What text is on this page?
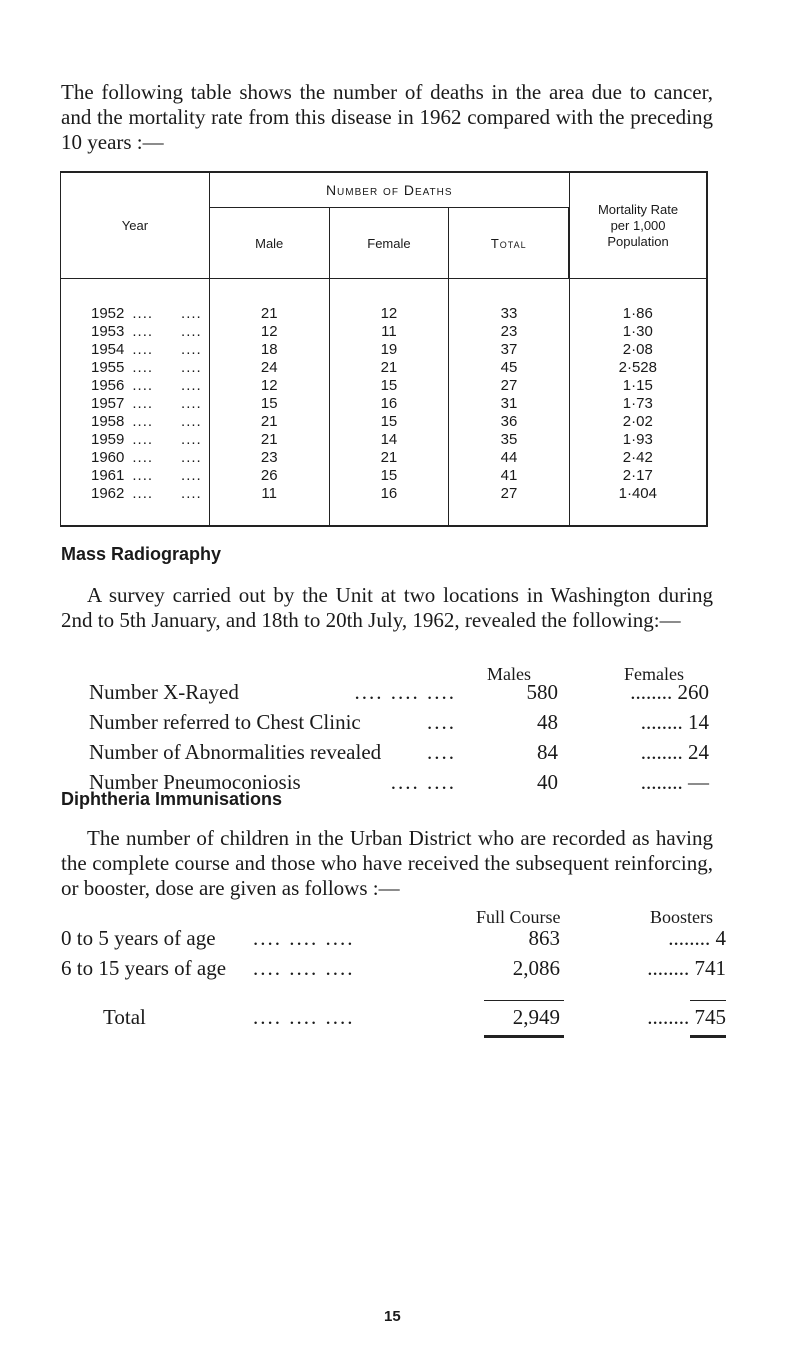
The following table shows the number of deaths in the area due to cancer, and the mortality rate from this disease in 1962 compared with the preceding 10 years :—

Year	Number of Deaths			Mortality Rate
per 1,000
Population

	Male	Female	Total	
1952 .... ....	21	12	33	1·86
1953 .... ....	12	11	23	1·30
1954 .... ....	18	19	37	2·08
1955 .... ....	24	21	45	2·528
1956 .... ....	12	15	27	1·15
1957 .... ....	15	16	31	1·73
1958 .... ....	21	15	36	2·02
1959 .... ....	21	14	35	1·93
1960 .... ....	23	21	44	2·42
1961 .... ....	26	15	41	2·17
1962 .... ....	11	16	27	1·404
Mass Radiography

A survey carried out by the Unit at two locations in Washington during 2nd to 5th January, and 18th to 20th July, 1962, revealed the following:—

Males	Females
Number X-Rayed	.... .... ....	580	........ 260
Number referred to Chest Clinic	....	48	........ 14
Number of Abnormalities revealed ....	84	........ 24
Number Pneumoconiosis	.... ....	40	........ —
Diphtheria Immunisations

The number of children in the Urban District who are recorded as having the complete course and those who have received the subsequent reinforcing, or booster, dose are given as follows :—

Full Course	Boosters
0 to 5 years of age .... .... ....	863	........ 4
6 to 15 years of age .... .... ....	2,086	........ 741
Total	.... .... ....	2,949	........ 745
15
